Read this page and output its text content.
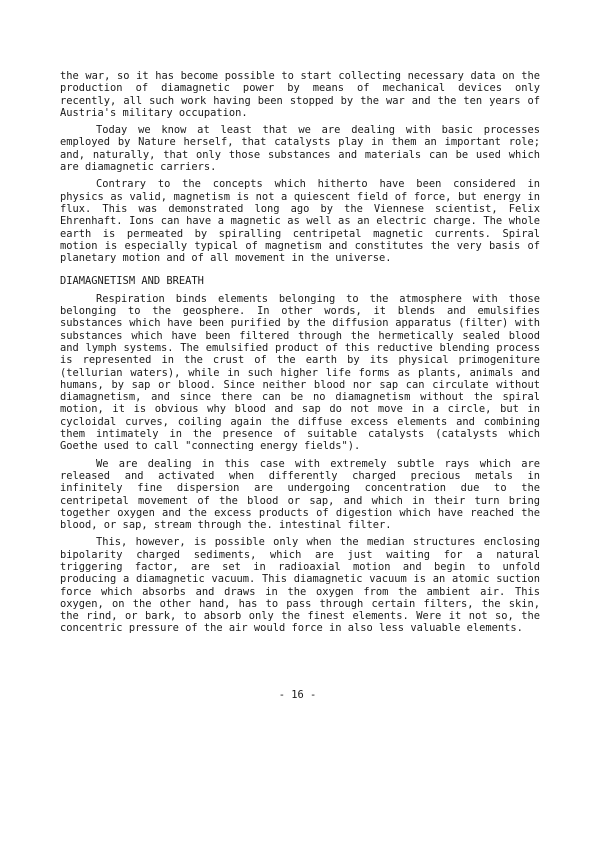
the war, so it has become possible to start collecting necessary data on the production of diamagnetic power by means of mechanical devices only recently, all such work having been stopped by the war and the ten years of Austria's military occupation.

Today we know at least that we are dealing with basic processes employed by Nature herself, that catalysts play in them an important role; and, naturally, that only those substances and materials can be used which are diamagnetic carriers.

Contrary to the concepts which hitherto have been considered in physics as valid, magnetism is not a quiescent field of force, but energy in flux. This was demonstrated long ago by the Viennese scientist, Felix Ehrenhaft. Ions can have a magnetic as well as an electric charge. The whole earth is permeated by spiralling centripetal magnetic currents. Spiral motion is especially typical of magnetism and constitutes the very basis of planetary motion and of all movement in the universe.

DIAMAGNETISM AND BREATH

Respiration binds elements belonging to the atmosphere with those belonging to the geosphere. In other words, it blends and emulsifies substances which have been purified by the diffusion apparatus (filter) with substances which have been filtered through the hermetically sealed blood and lymph systems. The emulsified product of this reductive blending process is represented in the crust of the earth by its physical primogeniture (tellurian waters), while in such higher life forms as plants, animals and humans, by sap or blood. Since neither blood nor sap can circulate without diamagnetism, and since there can be no diamagnetism without the spiral motion, it is obvious why blood and sap do not move in a circle, but in cycloidal curves, coiling again the diffuse excess elements and combining them intimately in the presence of suitable catalysts (catalysts which Goethe used to call "connecting energy fields").

We are dealing in this case with extremely subtle rays which are released and activated when differently charged precious metals in infinitely fine dispersion are undergoing concentration due to the centripetal movement of the blood or sap, and which in their turn bring together oxygen and the excess products of digestion which have reached the blood, or sap, stream through the. intestinal filter.

This, however, is possible only when the median structures enclosing bipolarity charged sediments, which are just waiting for a natural triggering factor, are set in radioaxial motion and begin to unfold producing a diamagnetic vacuum. This diamagnetic vacuum is an atomic suction force which absorbs and draws in the oxygen from the ambient air. This oxygen, on the other hand, has to pass through certain filters, the skin, the rind, or bark, to absorb only the finest elements. Were it not so, the concentric pressure of the air would force in also less valuable elements.

- 16 -
